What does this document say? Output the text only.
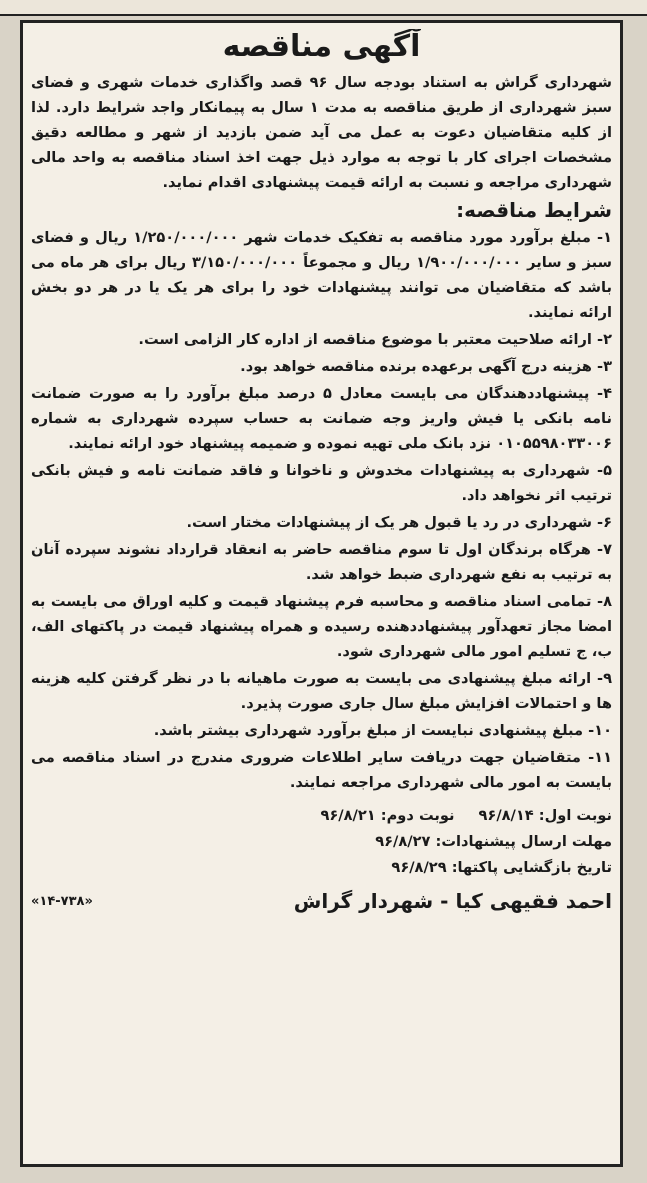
آگهی مناقصه

شهرداری گراش به استناد بودجه سال ۹۶ قصد واگذاری خدمات شهری و فضای سبز شهرداری از طریق مناقصه به مدت ۱ سال به پیمانکار واجد شرایط دارد. لذا از کلیه متقاضیان دعوت به عمل می آید ضمن بازدید از شهر و مطالعه دقیق مشخصات اجرای کار با توجه به موارد ذیل جهت اخذ اسناد مناقصه به واحد مالی شهرداری مراجعه و نسبت به ارائه قیمت پیشنهادی اقدام نماید.

شرایط مناقصه:

۱- مبلغ برآورد مورد مناقصه به تفکیک خدمات شهر ۱/۲۵۰/۰۰۰/۰۰۰ ریال و فضای سبز و سایر ۱/۹۰۰/۰۰۰/۰۰۰ ریال و مجموعاً ۳/۱۵۰/۰۰۰/۰۰۰ ریال برای هر ماه می باشد که متقاضیان می توانند پیشنهادات خود را برای هر یک یا در هر دو بخش ارائه نمایند.

۲- ارائه صلاحیت معتبر با موضوع مناقصه از اداره کار الزامی است.

۳- هزینه درج آگهی برعهده برنده مناقصه خواهد بود.

۴- پیشنهاددهندگان می بایست معادل ۵ درصد مبلغ برآورد را به صورت ضمانت نامه بانکی یا فیش واریز وجه ضمانت به حساب سپرده شهرداری به شماره ۰۱۰۵۵۹۸۰۳۳۰۰۶ نزد بانک ملی تهیه نموده و ضمیمه پیشنهاد خود ارائه نمایند.

۵- شهرداری به پیشنهادات مخدوش و ناخوانا و فاقد ضمانت نامه و فیش بانکی ترتیب اثر نخواهد داد.

۶- شهرداری در رد یا قبول هر یک از پیشنهادات مختار است.

۷- هرگاه برندگان اول تا سوم مناقصه حاضر به انعقاد قرارداد نشوند سپرده آنان به ترتیب به نفع شهرداری ضبط خواهد شد.

۸- تمامی اسناد مناقصه و محاسبه فرم پیشنهاد قیمت و کلیه اوراق می بایست به امضا مجاز تعهدآور پیشنهاددهنده رسیده و همراه پیشنهاد قیمت در پاکتهای الف، ب، ج تسلیم امور مالی شهرداری شود.

۹- ارائه مبلغ پیشنهادی می بایست به صورت ماهیانه با در نظر گرفتن کلیه هزینه ها و احتمالات افزایش مبلغ سال جاری صورت پذیرد.

۱۰- مبلغ پیشنهادی نبایست از مبلغ برآورد شهرداری بیشتر باشد.

۱۱- متقاضیان جهت دریافت سایر اطلاعات ضروری مندرج در اسناد مناقصه می بایست به امور مالی شهرداری مراجعه نمایند.

نوبت اول: ۹۶/۸/۱۴
نوبت دوم: ۹۶/۸/۲۱
مهلت ارسال پیشنهادات: ۹۶/۸/۲۷
تاریخ بازگشایی پاکتها: ۹۶/۸/۲۹
احمد فقیهی کیا - شهردار گراش
«۱۴-۷۳۸»
